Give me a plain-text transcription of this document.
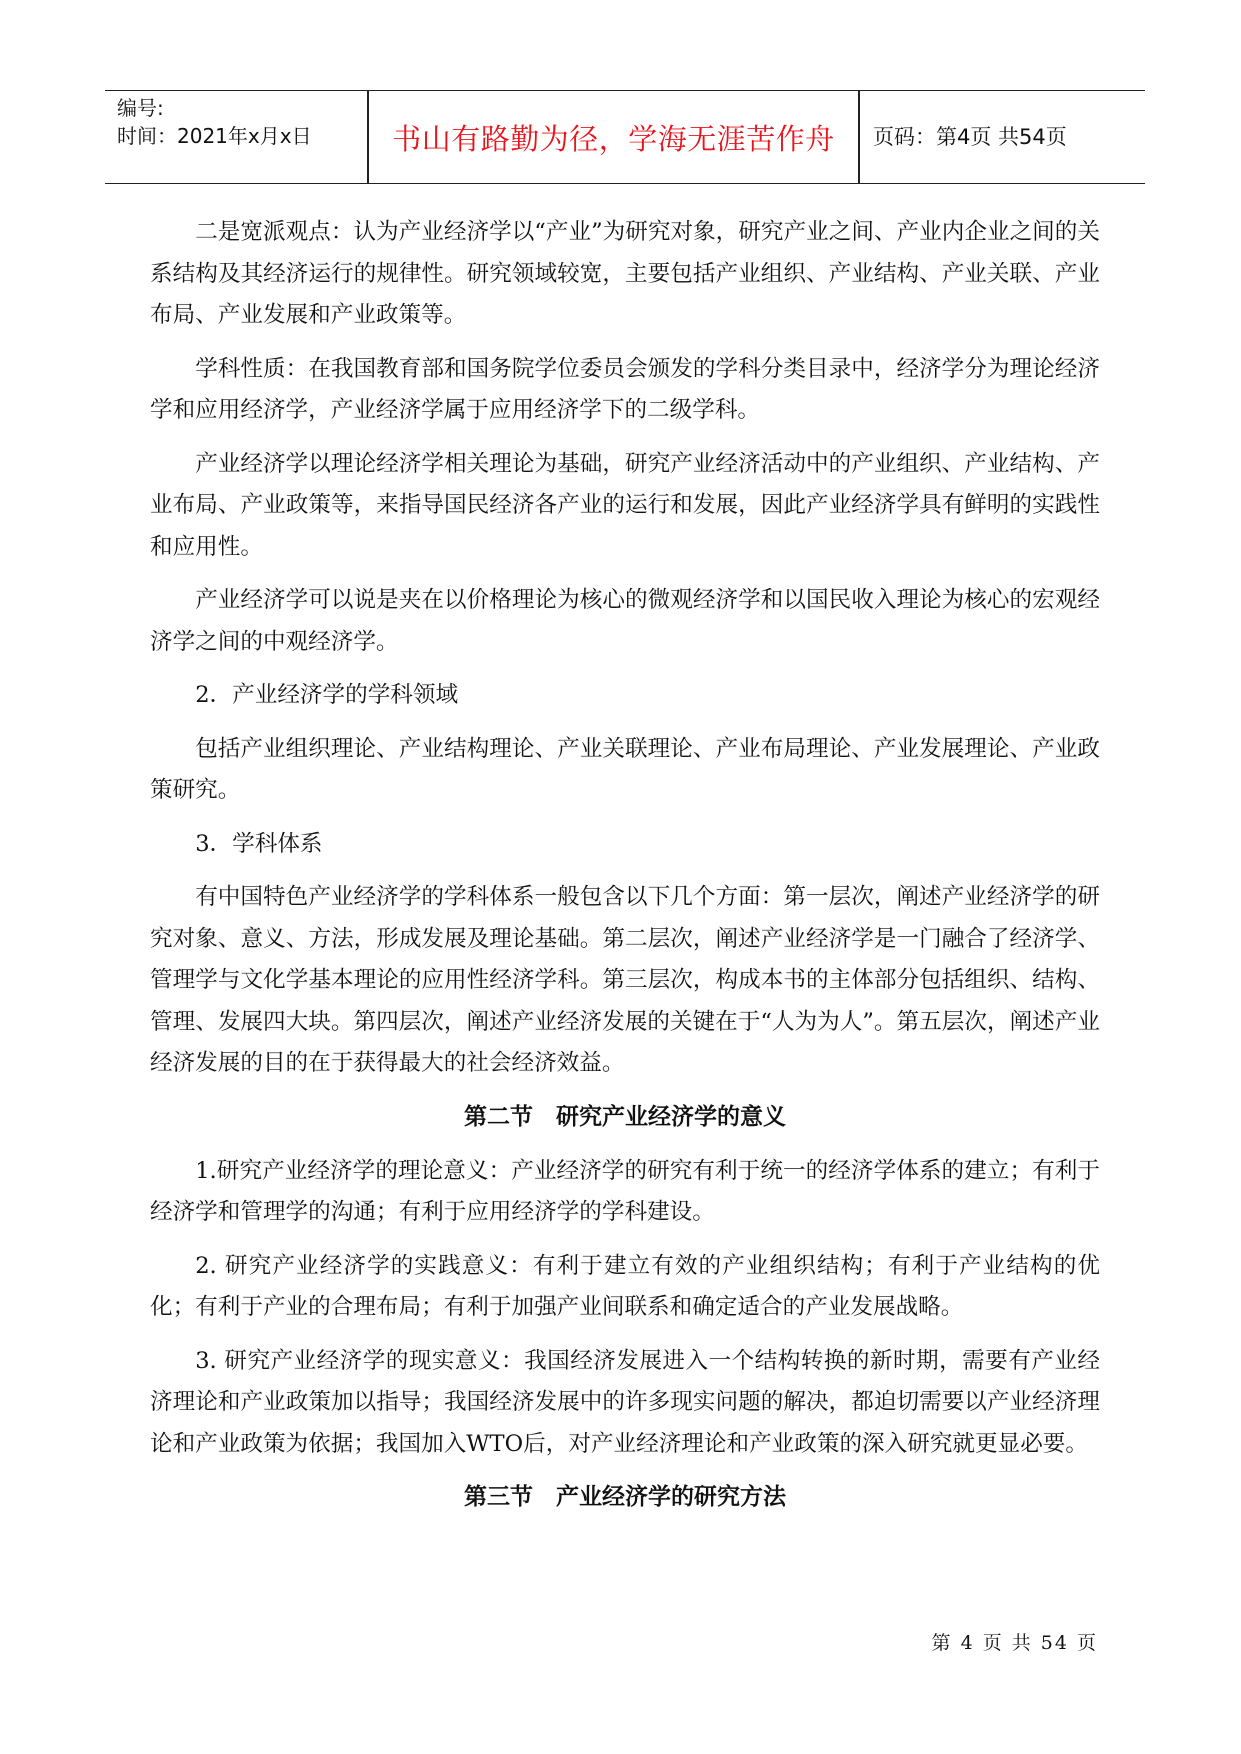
编号:
时间：2021年x月x日	书山有路勤为径，学海无涯苦作舟	页码：第4页 共54页

二是宽派观点：认为产业经济学以“产业”为研究对象，研究产业之间、产业内企业之间的关系结构及其经济运行的规律性。研究领域较宽，主要包括产业组织、产业结构、产业关联、产业布局、产业发展和产业政策等。

学科性质：在我国教育部和国务院学位委员会颁发的学科分类目录中，经济学分为理论经济学和应用经济学，产业经济学属于应用经济学下的二级学科。

产业经济学以理论经济学相关理论为基础，研究产业经济活动中的产业组织、产业结构、产业布局、产业政策等，来指导国民经济各产业的运行和发展，因此产业经济学具有鲜明的实践性和应用性。

产业经济学可以说是夹在以价格理论为核心的微观经济学和以国民收入理论为核心的宏观经济学之间的中观经济学。

2．产业经济学的学科领域

包括产业组织理论、产业结构理论、产业关联理论、产业布局理论、产业发展理论、产业政策研究。

3．学科体系

有中国特色产业经济学的学科体系一般包含以下几个方面：第一层次，阐述产业经济学的研究对象、意义、方法，形成发展及理论基础。第二层次，阐述产业经济学是一门融合了经济学、管理学与文化学基本理论的应用性经济学科。第三层次，构成本书的主体部分包括组织、结构、管理、发展四大块。第四层次，阐述产业经济发展的关键在于“人为为人”。第五层次，阐述产业经济发展的目的在于获得最大的社会经济效益。

第二节　研究产业经济学的意义

1.研究产业经济学的理论意义：产业经济学的研究有利于统一的经济学体系的建立；有利于经济学和管理学的沟通；有利于应用经济学的学科建设。

2. 研究产业经济学的实践意义：有利于建立有效的产业组织结构；有利于产业结构的优化；有利于产业的合理布局；有利于加强产业间联系和确定适合的产业发展战略。

3. 研究产业经济学的现实意义：我国经济发展进入一个结构转换的新时期，需要有产业经济理论和产业政策加以指导；我国经济发展中的许多现实问题的解决，都迫切需要以产业经济理论和产业政策为依据；我国加入WTO后，对产业经济理论和产业政策的深入研究就更显必要。

第三节　产业经济学的研究方法
第 4 页 共 54 页
